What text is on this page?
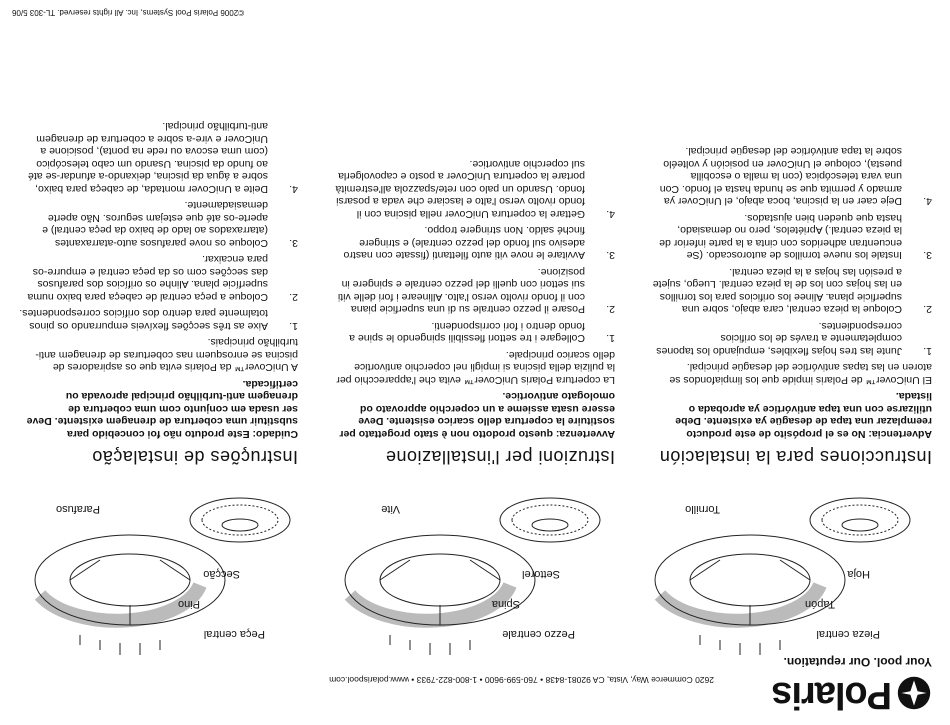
Polaris
Your pool. Our reputation.
2620 Commerce Way, Vista, CA 92081-8438 • 760-599-9600 • 1-800-822-7933 • www.polarispool.com
Pieza central
Tapón
Hoja
Tornillo
Pezzo centrale
Spina
Settorel
Vite
Peça central
Pino
Secção
Parafuso
Instrucciones para la instalación

Advertencia: No es el propósito de este producto reemplazar una tapa de desagüe ya existente. Debe utilizarse con una tapa antivórtice ya aprobada o listada.

El UniCover™ de Polaris impide que los limpiafondos se atoren en las tapas antivórtice del desagüe principal.

1.
Junte las tres hojas flexibles, empujando los tapones completamente a través de los orificios correspondientes.
2.
Coloque la pieza central, cara abajo, sobre una superficie plana. Alinee los orificios para los tornillos en las hojas con los de la pieza central. Luego, sujete a presión las hojas a la pieza central.
3.
Instale los nueve tornillos de autoroscado. (Se encuentran adheridos con cinta a la parte inferior de la pieza central.) Apriételos, pero no demasiado, hasta que queden bien ajustados.
4.
Deje caer en la piscina, boca abajo, el UniCover ya armado y permita que se hunda hasta el fondo. Con una vara telescópica (con la malla o escobilla puesta), coloque el UniCover en posición y volteélo sobre la tapa antivórtice del desagüe principal.
Istruzioni per l'installazione

Avvertenza: questo prodotto non è stato progettato per sostituire la copertura dello scarico esistente. Deve essere usata assieme a un coperchio approvato od omologato antivortice.

La copertura Polaris UniCover™ evita che l'apparecchio per la pulizia della piscina si impigli nel coperchio antivortice dello scarico principale.

1.
Collegare i tre settori flessibili spingendo le spine a fondo dentro i fori corrispondenti.
2.
Posare il pezzo centrale su di una superficie piana con il fondo rivolto verso l'alto. Allineare i fori delle viti sui settori con quelli del pezzo centrale e spingere in posizione.
3.
Avvitare le nove viti auto filettanti (fissate con nastro adesivo sul fondo del pezzo centrale) e stringere finché saldo. Non stringere troppo.
4.
Gettare la copertura UniCover nella piscina con il fondo rivolto verso l'alto e lasciare che vada a posarsi fondo. Usando un palo con rete/spazzola all'estremità portare la copertura UniCover a posto e capovolgerla sul coperchio antivortice.
Instruções de instalação

Cuidado: Este produto não foi concebido para substituir uma cobertura de drenagem existente. Deve ser usada em conjunto com uma cobertura de drenagem anti-turbilhão principal aprovada ou certificada.

A UniCover™ da Polaris evita que os aspiradores de piscina se enrosquem nas coberturas de drenagem anti-turbilhão principais.

1.
Aixe as três secções flexíveis empurrando os pinos totalmente para dentro dos orifícios correspondentes.
2.
Coloque a peça central de cabeça para baixo numa superfície plana. Alinhe os orifícios dos parafusos das secções com os da peça central e empurre-os para encaixar.
3.
Coloque os nove parafusos auto-atarraxantes (atarraxados ao lado de baixo da peça central) e aperte-os até que estejam seguros. Não aperte demasiadamente.
4.
Deite a UniCover montada, de cabeça para baixo, sobre a água da piscina, deixando-a afundar-se até ao fundo da piscina. Usando um cabo telescópico (com uma escova ou rede na ponta), posicione a UniCover e vire-a sobre a cobertura de drenagem anti-turbilhão principal.
©2006 Polaris Pool Systems, Inc. All rights reserved. TL-303 5/06
